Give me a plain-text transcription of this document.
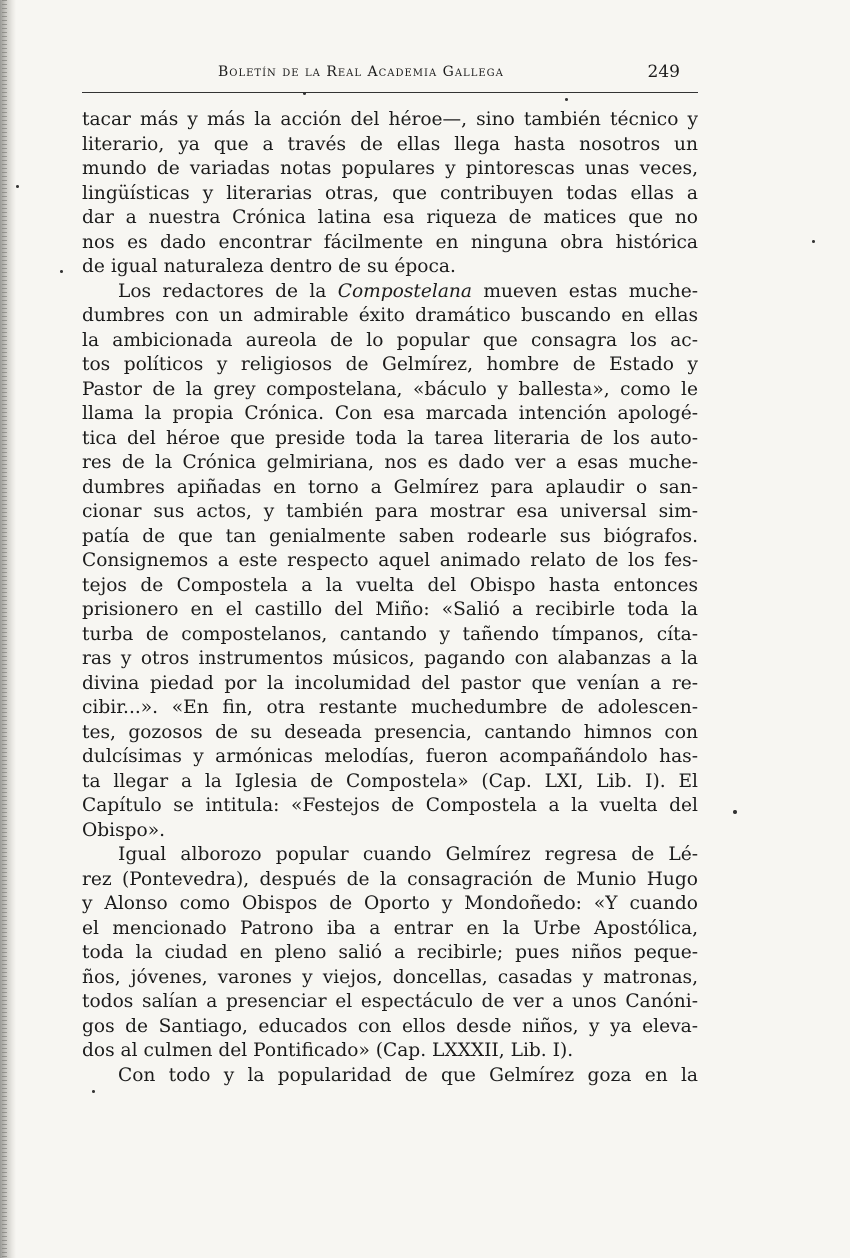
Boletín de la Real Academia Gallega	249
tacar más y más la acción del héroe—, sino también técnico y
literario, ya que a través de ellas llega hasta nosotros un
mundo de variadas notas populares y pintorescas unas veces,
lingüísticas y literarias otras, que contribuyen todas ellas a
dar a nuestra Crónica latina esa riqueza de matices que no
nos es dado encontrar fácilmente en ninguna obra histórica
de igual naturaleza dentro de su época.
Los redactores de la Compostelana mueven estas muche-
dumbres con un admirable éxito dramático buscando en ellas
la ambicionada aureola de lo popular que consagra los ac-
tos políticos y religiosos de Gelmírez, hombre de Estado y
Pastor de la grey compostelana, «báculo y ballesta», como le
llama la propia Crónica. Con esa marcada intención apologé-
tica del héroe que preside toda la tarea literaria de los auto-
res de la Crónica gelmiriana, nos es dado ver a esas muche-
dumbres apiñadas en torno a Gelmírez para aplaudir o san-
cionar sus actos, y también para mostrar esa universal sim-
patía de que tan genialmente saben rodearle sus biógrafos.
Consignemos a este respecto aquel animado relato de los fes-
tejos de Compostela a la vuelta del Obispo hasta entonces
prisionero en el castillo del Miño: «Salió a recibirle toda la
turba de compostelanos, cantando y tañendo tímpanos, cíta-
ras y otros instrumentos músicos, pagando con alabanzas a la
divina piedad por la incolumidad del pastor que venían a re-
cibir...». «En fin, otra restante muchedumbre de adolescen-
tes, gozosos de su deseada presencia, cantando himnos con
dulcísimas y armónicas melodías, fueron acompañándolo has-
ta llegar a la Iglesia de Compostela» (Cap. LXI, Lib. I). El
Capítulo se intitula: «Festejos de Compostela a la vuelta del
Obispo».
Igual alborozo popular cuando Gelmírez regresa de Lé-
rez (Pontevedra), después de la consagración de Munio Hugo
y Alonso como Obispos de Oporto y Mondoñedo: «Y cuando
el mencionado Patrono iba a entrar en la Urbe Apostólica,
toda la ciudad en pleno salió a recibirle; pues niños peque-
ños, jóvenes, varones y viejos, doncellas, casadas y matronas,
todos salían a presenciar el espectáculo de ver a unos Canóni-
gos de Santiago, educados con ellos desde niños, y ya eleva-
dos al culmen del Pontificado» (Cap. LXXXII, Lib. I).
Con todo y la popularidad de que Gelmírez goza en la
